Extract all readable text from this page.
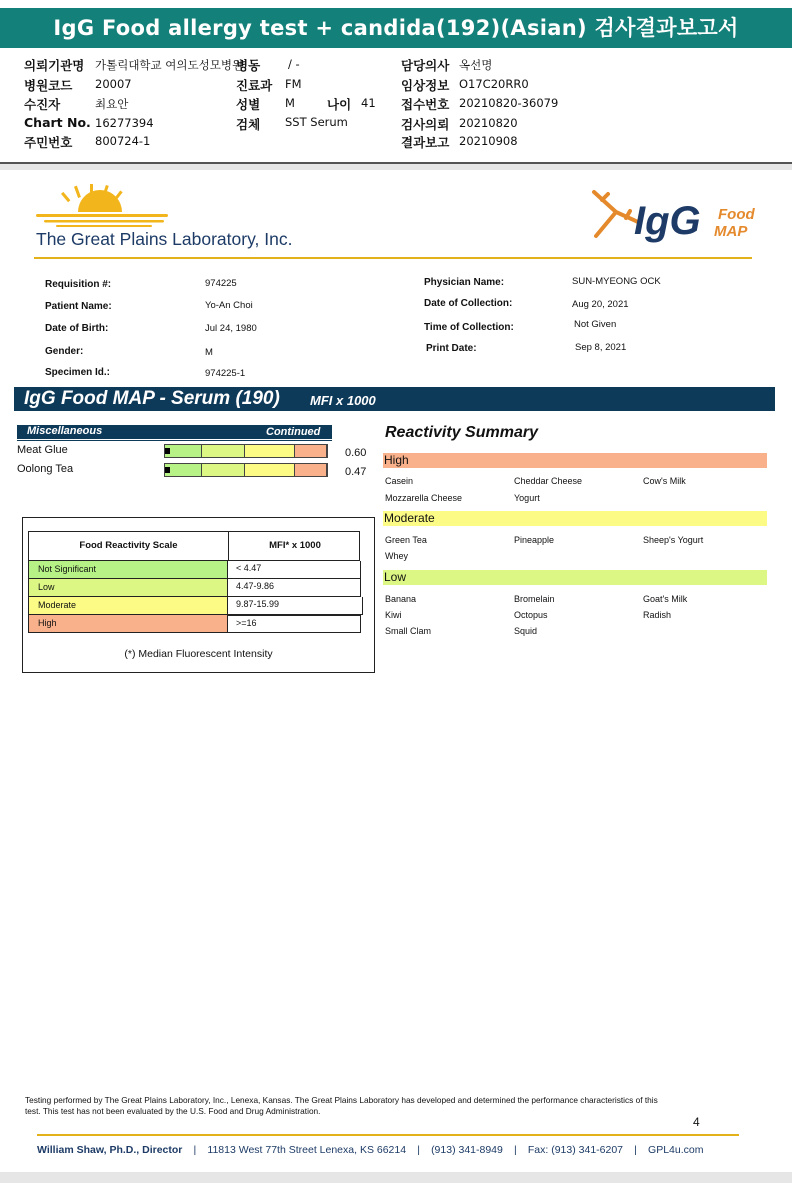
IgG Food allergy test + candida(192)(Asian) 검사결과보고서
의뢰기관명 가톨릭대학교 여의도성모병원
병동 / -	담당의사 옥선명
병원코드 20007	진료과 FM	임상정보 O17C20RR0
수진자	최요안	성별 M	나이 41 접수번호 20210820-36079
Chart No. 16277394	검체 SST Serum	검사의뢰 20210820
주민번호 800724-1	결과보고 20210908
The Great Plains Laboratory, Inc.	IgG Food
MAP
Requisition #:	974225
Patient Name:	Yo-An Choi
Date of Birth:	Jul 24, 1980
Gender:	M
Specimen Id.:	974225-1
Physician Name:	SUN-MYEONG OCK
Date of Collection:	Aug 20, 2021
Time of Collection:	Not Given
Print Date:	Sep 8, 2021
IgG Food MAP - Serum (190) MFI x 1000
Miscellaneous	Continued
Meat Glue	0.60
Oolong Tea	0.47
Food Reactivity Scale	MFI* x 1000
Not Significant	< 4.47
Low	4.47-9.86
Moderate	9.87-15.99
High	>=16
(*) Median Fluorescent Intensity
Reactivity Summary
High
Casein	Cheddar Cheese	Cow's Milk
Mozzarella Cheese	Yogurt
Moderate
Green Tea	Pineapple	Sheep's Yogurt
Whey
Low
Banana	Bromelain	Goat's Milk
Kiwi	Octopus	Radish
Small Clam	Squid
Testing performed by The Great Plains Laboratory, Inc., Lenexa, Kansas. The Great Plains Laboratory has developed and determined the performance characteristics of this test. This test has not been evaluated by the U.S. Food and Drug Administration.
4
William Shaw, Ph.D., Director | 11813 West 77th Street Lenexa, KS 66214 | (913) 341-8949 | Fax: (913) 341-6207 | GPL4u.com
